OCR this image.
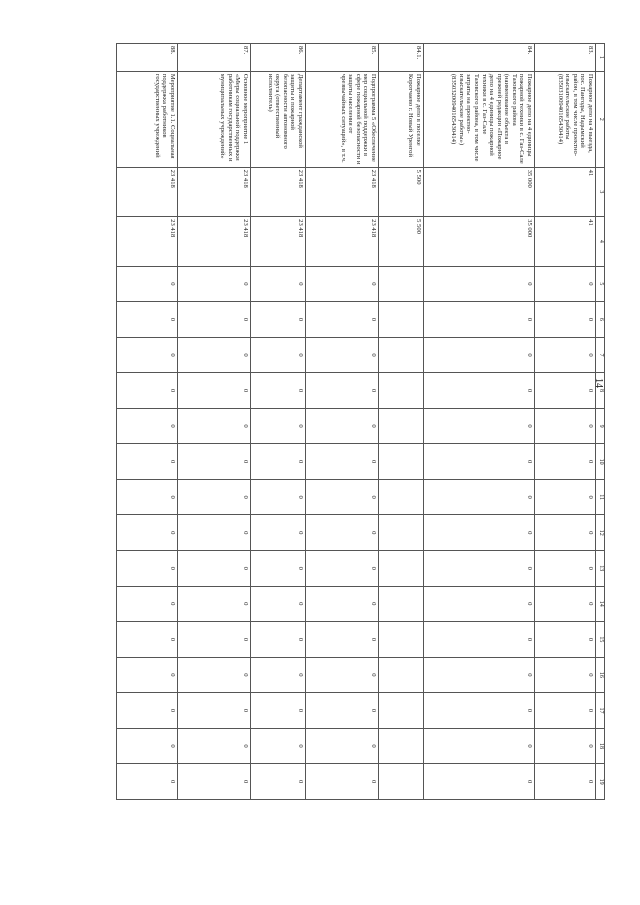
14
1	2	3	4	5	6	7	8	9	10	11	12	13	14	15	16	17	18	19
83.	Пожарное депо на 4 выезда, пос. Пангоды, Надымский район, в том числе проектно-изыскательские работы (83503100940165430414)	41	41	0	0	0	0	0	0	0	0	0	0	0	0	0	0	0
84.	Пожарное депо на 4 единицы пожарной техники в с. Газ-Сале Тазовского района (наименование объекта в прежней редакции «Пожарное депо на 4 единицы пожарной техники в с. Газ-Сале Тазовского района, в том числе затраты на проектно-изыскательские работы») (83503200940165430414)	35 000	35 000	0	0	0	0	0	0	0	0	0	0	0	0	0	0	0
84.1.	Пожарное депо в поселке Коротчаево г. Новый Уренгой	5 500	5 500															
85.	Подпрограмма 5 «Обеспечение мер социальной поддержки в сфере пожарной безопасности и защиты населения от чрезвычайных ситуаций», в т.ч.	23 418	23 418	0	0	0	0	0	0	0	0	0	0	0	0	0	0	0
86.	Департамент гражданской защиты и пожарной безопасности автономного округа (ответственный исполнитель)	23 418	23 418	0	0	0	0	0	0	0	0	0	0	0	0	0	0	0
87.	Основное мероприятие 1 «Меры социальной поддержки работникам государственных и муниципальных учреждений»	23 418	23 418	0	0	0	0	0	0	0	0	0	0	0	0	0	0	0
88.	Мероприятие 1.1. Социальная поддержка работников государственных учреждений	23 418	23 418	0	0	0	0	0	0	0	0	0	0	0	0	0	0	0
